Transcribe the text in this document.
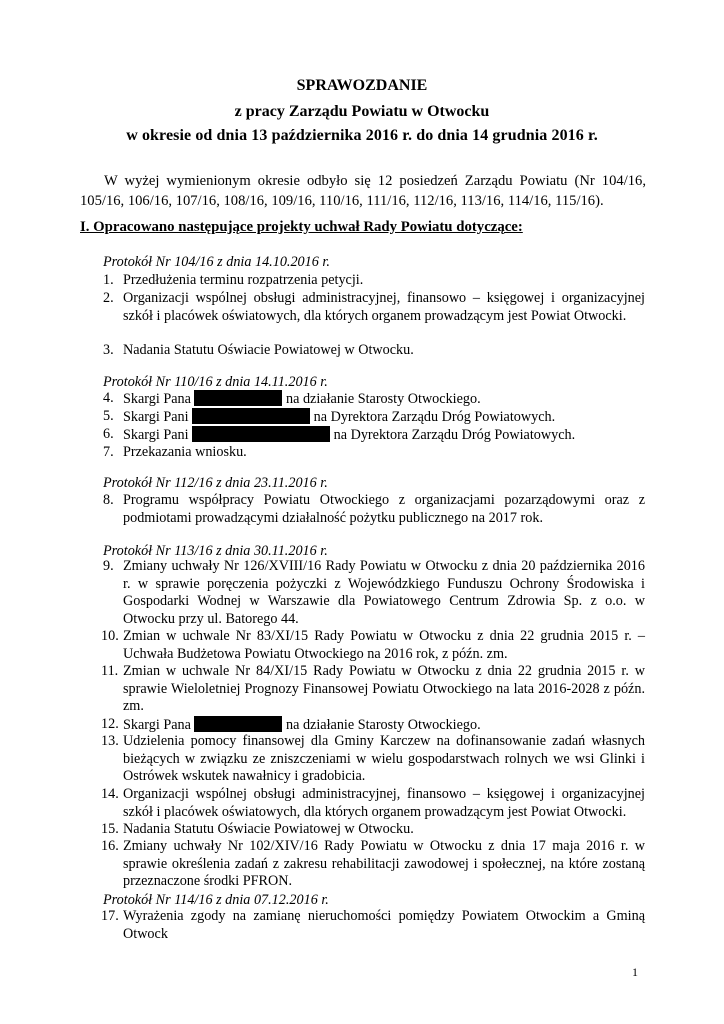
SPRAWOZDANIE
z pracy Zarządu Powiatu w Otwocku
w okresie od dnia 13 października 2016 r. do dnia 14 grudnia 2016 r.
W wyżej wymienionym okresie odbyło się 12 posiedzeń Zarządu Powiatu (Nr 104/16, 105/16, 106/16, 107/16, 108/16, 109/16, 110/16, 111/16, 112/16, 113/16, 114/16, 115/16).
I. Opracowano następujące projekty uchwał Rady Powiatu dotyczące:
Protokół Nr 104/16 z dnia 14.10.2016 r.
1. Przedłużenia terminu rozpatrzenia petycji.
2. Organizacji wspólnej obsługi administracyjnej, finansowo – księgowej i organizacyjnej szkół i placówek oświatowych, dla których organem prowadzącym jest Powiat Otwocki.
3. Nadania Statutu Oświacie Powiatowej w Otwocku.
Protokół Nr 110/16 z dnia 14.11.2016 r.
4. Skargi Pana	na działanie Starosty Otwockiego.
5. Skargi Pani	na Dyrektora Zarządu Dróg Powiatowych.
6. Skargi Pani	na Dyrektora Zarządu Dróg Powiatowych.
7. Przekazania wniosku.
Protokół Nr 112/16 z dnia 23.11.2016 r.
8. Programu współpracy Powiatu Otwockiego z organizacjami pozarządowymi oraz z podmiotami prowadzącymi działalność pożytku publicznego na 2017 rok.
Protokół Nr 113/16 z dnia 30.11.2016 r.
9. Zmiany uchwały Nr 126/XVIII/16 Rady Powiatu w Otwocku z dnia 20 października 2016 r. w sprawie poręczenia pożyczki z Wojewódzkiego Funduszu Ochrony Środowiska i Gospodarki Wodnej w Warszawie dla Powiatowego Centrum Zdrowia Sp. z o.o. w Otwocku przy ul. Batorego 44.
10. Zmian w uchwale Nr 83/XI/15 Rady Powiatu w Otwocku z dnia 22 grudnia 2015 r. – Uchwała Budżetowa Powiatu Otwockiego na 2016 rok, z późn. zm.
11. Zmian w uchwale Nr 84/XI/15 Rady Powiatu w Otwocku z dnia 22 grudnia 2015 r. w sprawie Wieloletniej Prognozy Finansowej Powiatu Otwockiego na lata 2016-2028 z późn. zm.
12. Skargi Pana	na działanie Starosty Otwockiego.
13. Udzielenia pomocy finansowej dla Gminy Karczew na dofinansowanie zadań własnych bieżących w związku ze zniszczeniami w wielu gospodarstwach rolnych we wsi Glinki i Ostrówek wskutek nawałnicy i gradobicia.
14. Organizacji wspólnej obsługi administracyjnej, finansowo – księgowej i organizacyjnej szkół i placówek oświatowych, dla których organem prowadzącym jest Powiat Otwocki.
15. Nadania Statutu Oświacie Powiatowej w Otwocku.
16. Zmiany uchwały Nr 102/XIV/16 Rady Powiatu w Otwocku z dnia 17 maja 2016 r. w sprawie określenia zadań z zakresu rehabilitacji zawodowej i społecznej, na które zostaną przeznaczone środki PFRON.
Protokół Nr 114/16 z dnia 07.12.2016 r.
17. Wyrażenia zgody na zamianę nieruchomości pomiędzy Powiatem Otwockim a Gminą Otwock
1
